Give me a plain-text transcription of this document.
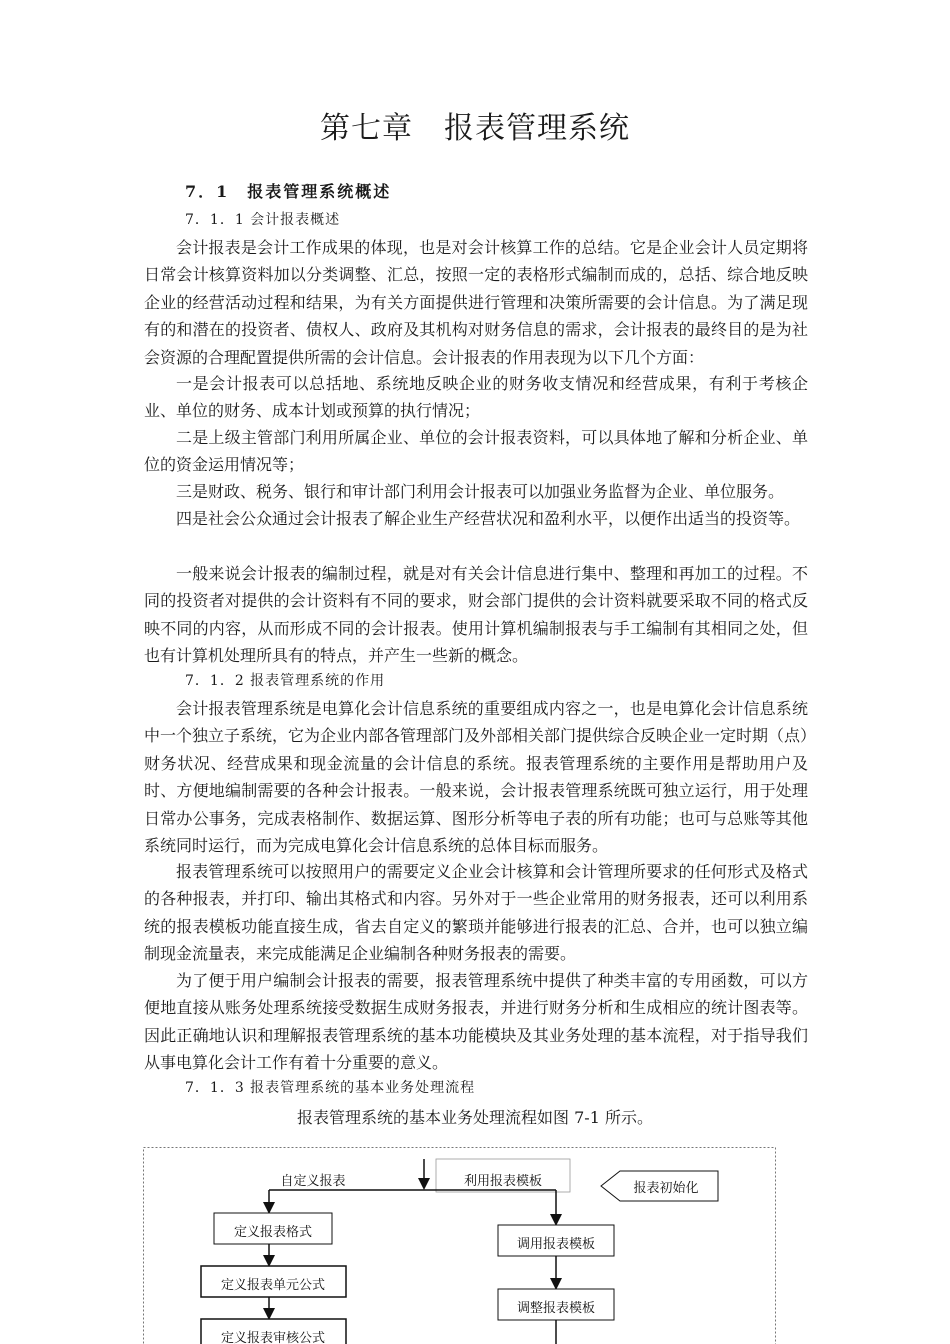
第七章　报表管理系统
7．1　报表管理系统概述
7．1．1 会计报表概述

会计报表是会计工作成果的体现，也是对会计核算工作的总结。它是企业会计人员定期将日常会计核算资料加以分类调整、汇总，按照一定的表格形式编制而成的，总括、综合地反映企业的经营活动过程和结果，为有关方面提供进行管理和决策所需要的会计信息。为了满足现有的和潜在的投资者、债权人、政府及其机构对财务信息的需求，会计报表的最终目的是为社会资源的合理配置提供所需的会计信息。会计报表的作用表现为以下几个方面：

一是会计报表可以总括地、系统地反映企业的财务收支情况和经营成果，有利于考核企业、单位的财务、成本计划或预算的执行情况；

二是上级主管部门利用所属企业、单位的会计报表资料，可以具体地了解和分析企业、单位的资金运用情况等；

三是财政、税务、银行和审计部门利用会计报表可以加强业务监督为企业、单位服务。

四是社会公众通过会计报表了解企业生产经营状况和盈利水平，以便作出适当的投资等。

一般来说会计报表的编制过程，就是对有关会计信息进行集中、整理和再加工的过程。不同的投资者对提供的会计资料有不同的要求，财会部门提供的会计资料就要采取不同的格式反映不同的内容，从而形成不同的会计报表。使用计算机编制报表与手工编制有其相同之处，但也有计算机处理所具有的特点，并产生一些新的概念。

7．1．2 报表管理系统的作用

会计报表管理系统是电算化会计信息系统的重要组成内容之一，也是电算化会计信息系统中一个独立子系统，它为企业内部各管理部门及外部相关部门提供综合反映企业一定时期（点）财务状况、经营成果和现金流量的会计信息的系统。报表管理系统的主要作用是帮助用户及时、方便地编制需要的各种会计报表。一般来说，会计报表管理系统既可独立运行，用于处理日常办公事务，完成表格制作、数据运算、图形分析等电子表的所有功能；也可与总账等其他系统同时运行，而为完成电算化会计信息系统的总体目标而服务。

报表管理系统可以按照用户的需要定义企业会计核算和会计管理所要求的任何形式及格式的各种报表，并打印、输出其格式和内容。另外对于一些企业常用的财务报表，还可以利用系统的报表模板功能直接生成，省去自定义的繁琐并能够进行报表的汇总、合并，也可以独立编制现金流量表，来完成能满足企业编制各种财务报表的需要。

为了便于用户编制会计报表的需要，报表管理系统中提供了种类丰富的专用函数，可以方便地直接从账务处理系统接受数据生成财务报表，并进行财务分析和生成相应的统计图表等。因此正确地认识和理解报表管理系统的基本功能模块及其业务处理的基本流程，对于指导我们从事电算化会计工作有着十分重要的意义。

7．1．3 报表管理系统的基本业务处理流程
报表管理系统的基本业务处理流程如图 7-1 所示。
利用报表模板
自定义报表	报表初始化
定义报表格式
定义报表单元公式
定义报表审核公式
调用报表模板
调整报表模板
